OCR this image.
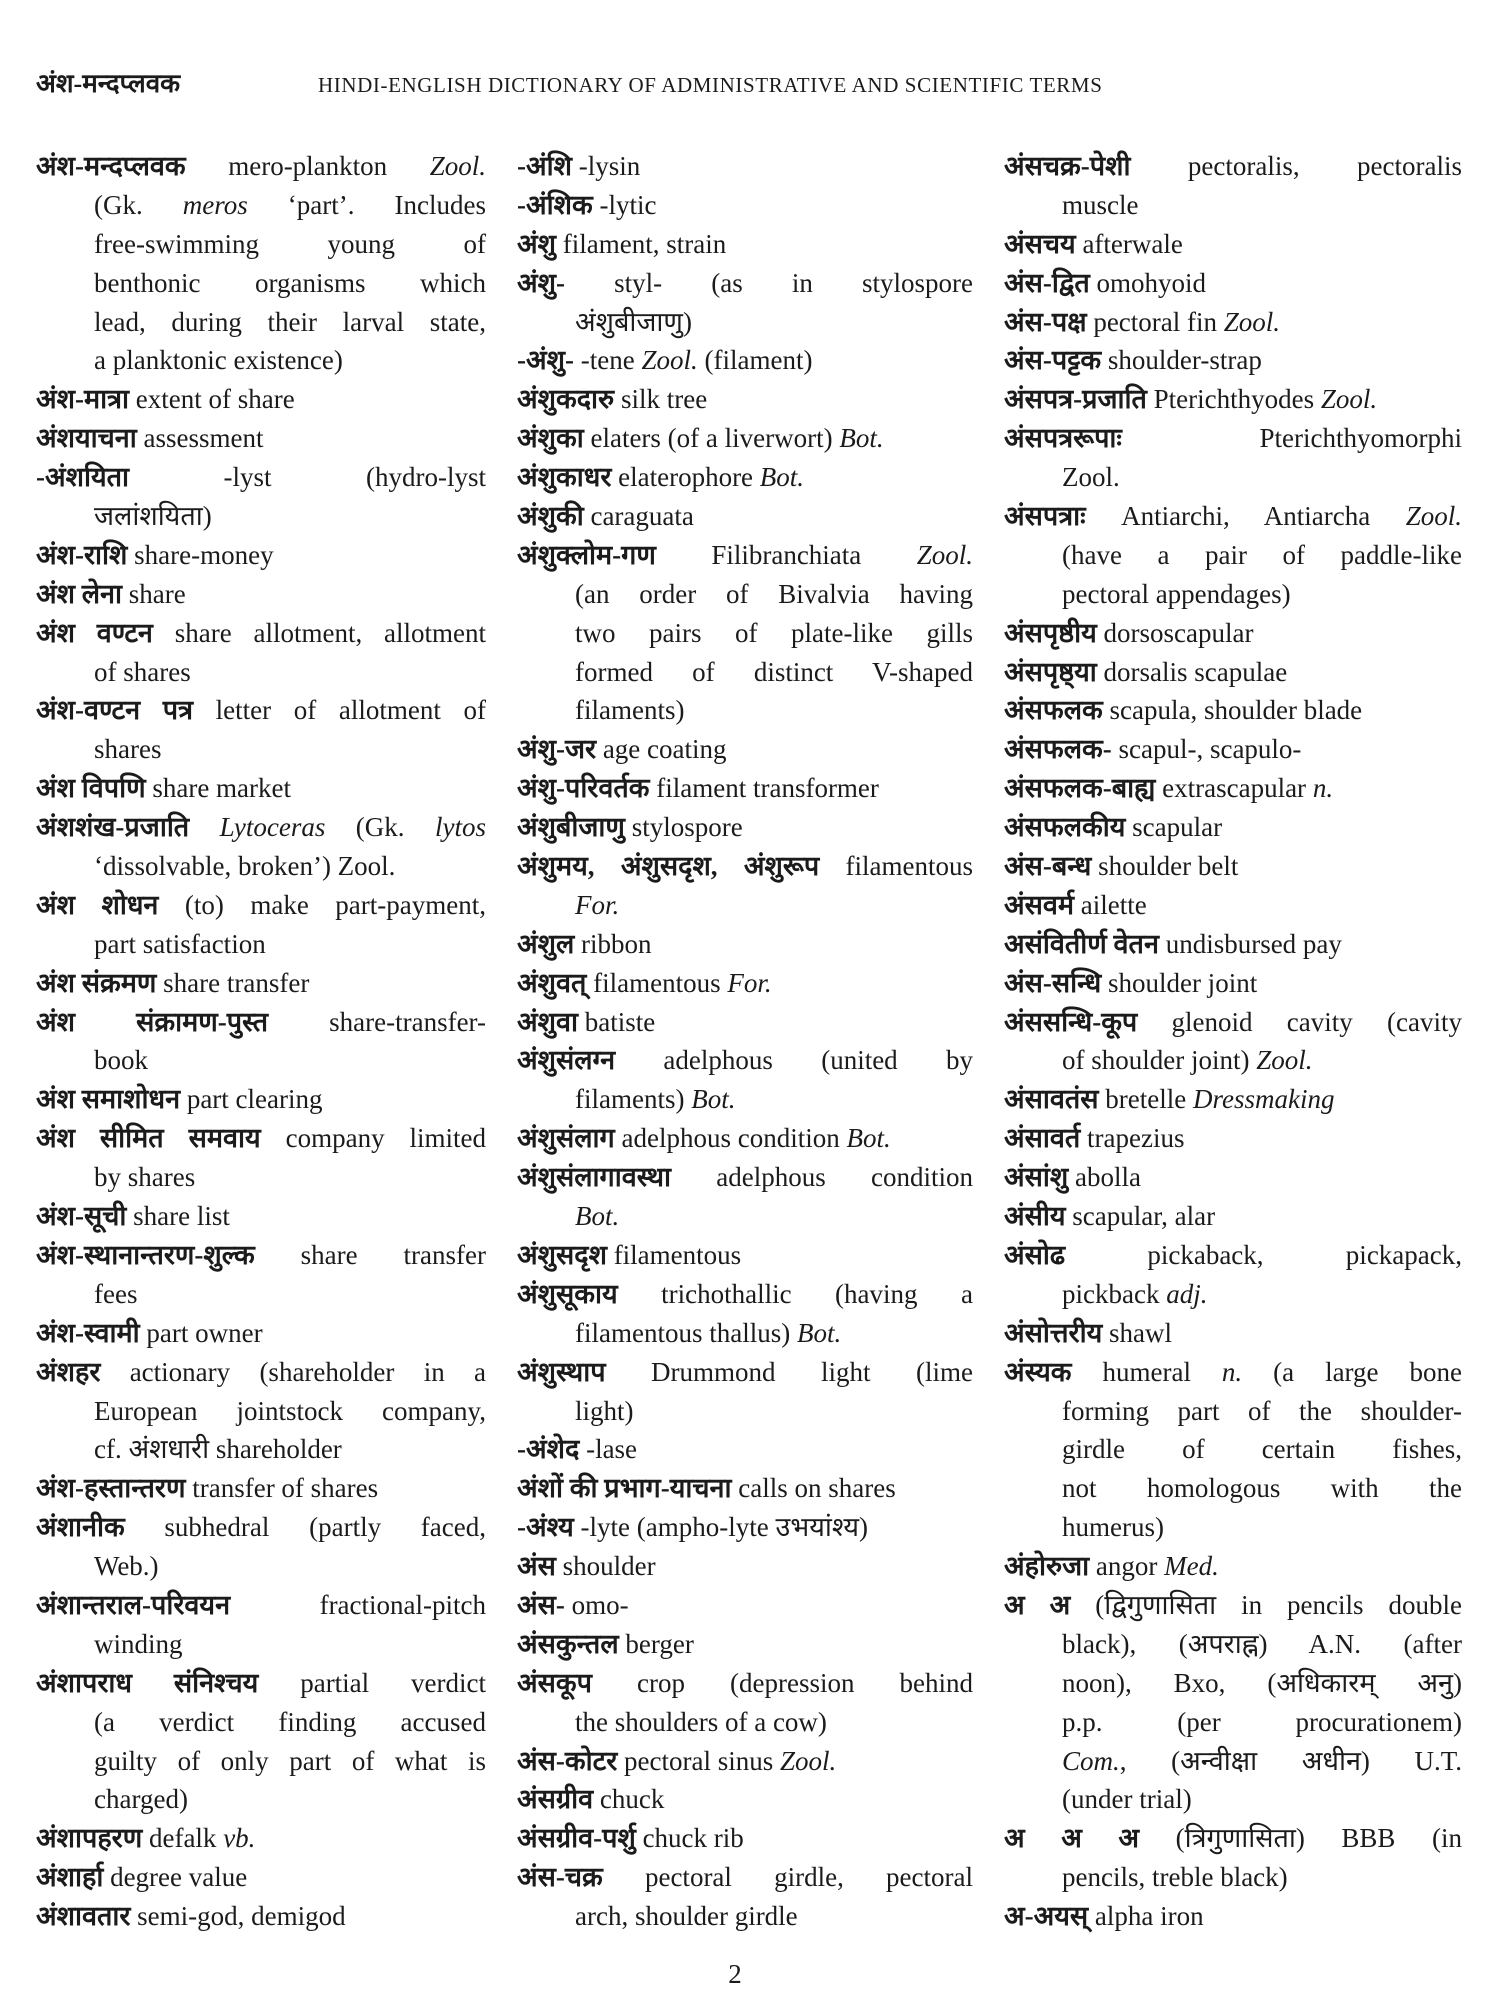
अंश-मन्दप्लवक	HINDI-ENGLISH DICTIONARY OF ADMINISTRATIVE AND SCIENTIFIC TERMS
अंश-मन्दप्लवक mero-plankton Zool.
(Gk. meros ‘part’. Includes
free-swimming young of
benthonic organisms which
lead, during their larval state,
a planktonic existence)
अंश-मात्रा extent of share
अंशयाचना assessment
-अंशयिता -lyst (hydro-lyst
जलांशयिता)
अंश-राशि share-money
अंश लेना share
अंश वण्टन share allotment, allotment
of shares
अंश-वण्टन पत्र letter of allotment of
shares
अंश विपणि share market
अंशशंख-प्रजाति Lytoceras (Gk. lytos
‘dissolvable, broken’) Zool.
अंश शोधन (to) make part-payment,
part satisfaction
अंश संक्रमण share transfer
अंश संक्रामण-पुस्त share-transfer-
book
अंश समाशोधन part clearing
अंश सीमित समवाय company limited
by shares
अंश-सूची share list
अंश-स्थानान्तरण-शुल्क share transfer
fees
अंश-स्वामी part owner
अंशहर actionary (shareholder in a
European jointstock company,
cf. अंशधारी shareholder
अंश-हस्तान्तरण transfer of shares
अंशानीक subhedral (partly faced,
Web.)
अंशान्तराल-परिवयन fractional-pitch
winding
अंशापराध संनिश्चय partial verdict
(a verdict finding accused
guilty of only part of what is
charged)
अंशापहरण defalk vb.
अंशार्हा degree value
अंशावतार semi-god, demigod
-अंशि -lysin
-अंशिक -lytic
अंशु filament, strain
अंशु- styl- (as in stylospore
अंशुबीजाणु)
-अंशु- -tene Zool. (filament)
अंशुकदारु silk tree
अंशुका elaters (of a liverwort) Bot.
अंशुकाधर elaterophore Bot.
अंशुकी caraguata
अंशुक्लोम-गण Filibranchiata Zool.
(an order of Bivalvia having
two pairs of plate-like gills
formed of distinct V-shaped
filaments)
अंशु-जर age coating
अंशु-परिवर्तक filament transformer
अंशुबीजाणु stylospore
अंशुमय, अंशुसदृश, अंशुरूप filamentous
For.
अंशुल ribbon
अंशुवत् filamentous For.
अंशुवा batiste
अंशुसंलग्न adelphous (united by
filaments) Bot.
अंशुसंलाग adelphous condition Bot.
अंशुसंलागावस्था adelphous condition
Bot.
अंशुसदृश filamentous
अंशुसूकाय trichothallic (having a
filamentous thallus) Bot.
अंशुस्थाप Drummond light (lime
light)
-अंशेद -lase
अंशों की प्रभाग-याचना calls on shares
-अंश्य -lyte (ampho-lyte उभयांश्य)
अंस shoulder
अंस- omo-
अंसकुन्तल berger
अंसकूप crop (depression behind
the shoulders of a cow)
अंस-कोटर pectoral sinus Zool.
अंसग्रीव chuck
अंसग्रीव-पर्शु chuck rib
अंस-चक्र pectoral girdle, pectoral
arch, shoulder girdle
अंसचक्र-पेशी pectoralis, pectoralis
muscle
अंसचय afterwale
अंस-द्वित omohyoid
अंस-पक्ष pectoral fin Zool.
अंस-पट्टक shoulder-strap
अंसपत्र-प्रजाति Pterichthyodes Zool.
अंसपत्ररूपाः Pterichthyomorphi
Zool.
अंसपत्राः Antiarchi, Antiarcha Zool.
(have a pair of paddle-like
pectoral appendages)
अंसपृष्ठीय dorsoscapular
अंसपृष्ठ्या dorsalis scapulae
अंसफलक scapula, shoulder blade
अंसफलक- scapul-, scapulo-
अंसफलक-बाह्य extrascapular n.
अंसफलकीय scapular
अंस-बन्ध shoulder belt
अंसवर्म ailette
असंवितीर्ण वेतन undisbursed pay
अंस-सन्धि shoulder joint
अंससन्धि-कूप glenoid cavity (cavity
of shoulder joint) Zool.
अंसावतंस bretelle Dressmaking
अंसावर्त trapezius
अंसांशु abolla
अंसीय scapular, alar
अंसोढ pickaback, pickapack,
pickback adj.
अंसोत्तरीय shawl
अंस्यक humeral n. (a large bone
forming part of the shoulder-
girdle of certain fishes,
not homologous with the
humerus)
अंहोरुजा angor Med.
अ अ (द्विगुणासिता in pencils double
black), (अपराह्न) A.N. (after
noon), Bxo, (अधिकारम् अनु)
p.p. (per procurationem)
Com., (अन्वीक्षा अधीन) U.T.
(under trial)
अ अ अ (त्रिगुणासिता) BBB (in
pencils, treble black)
अ-अयस् alpha iron
2
